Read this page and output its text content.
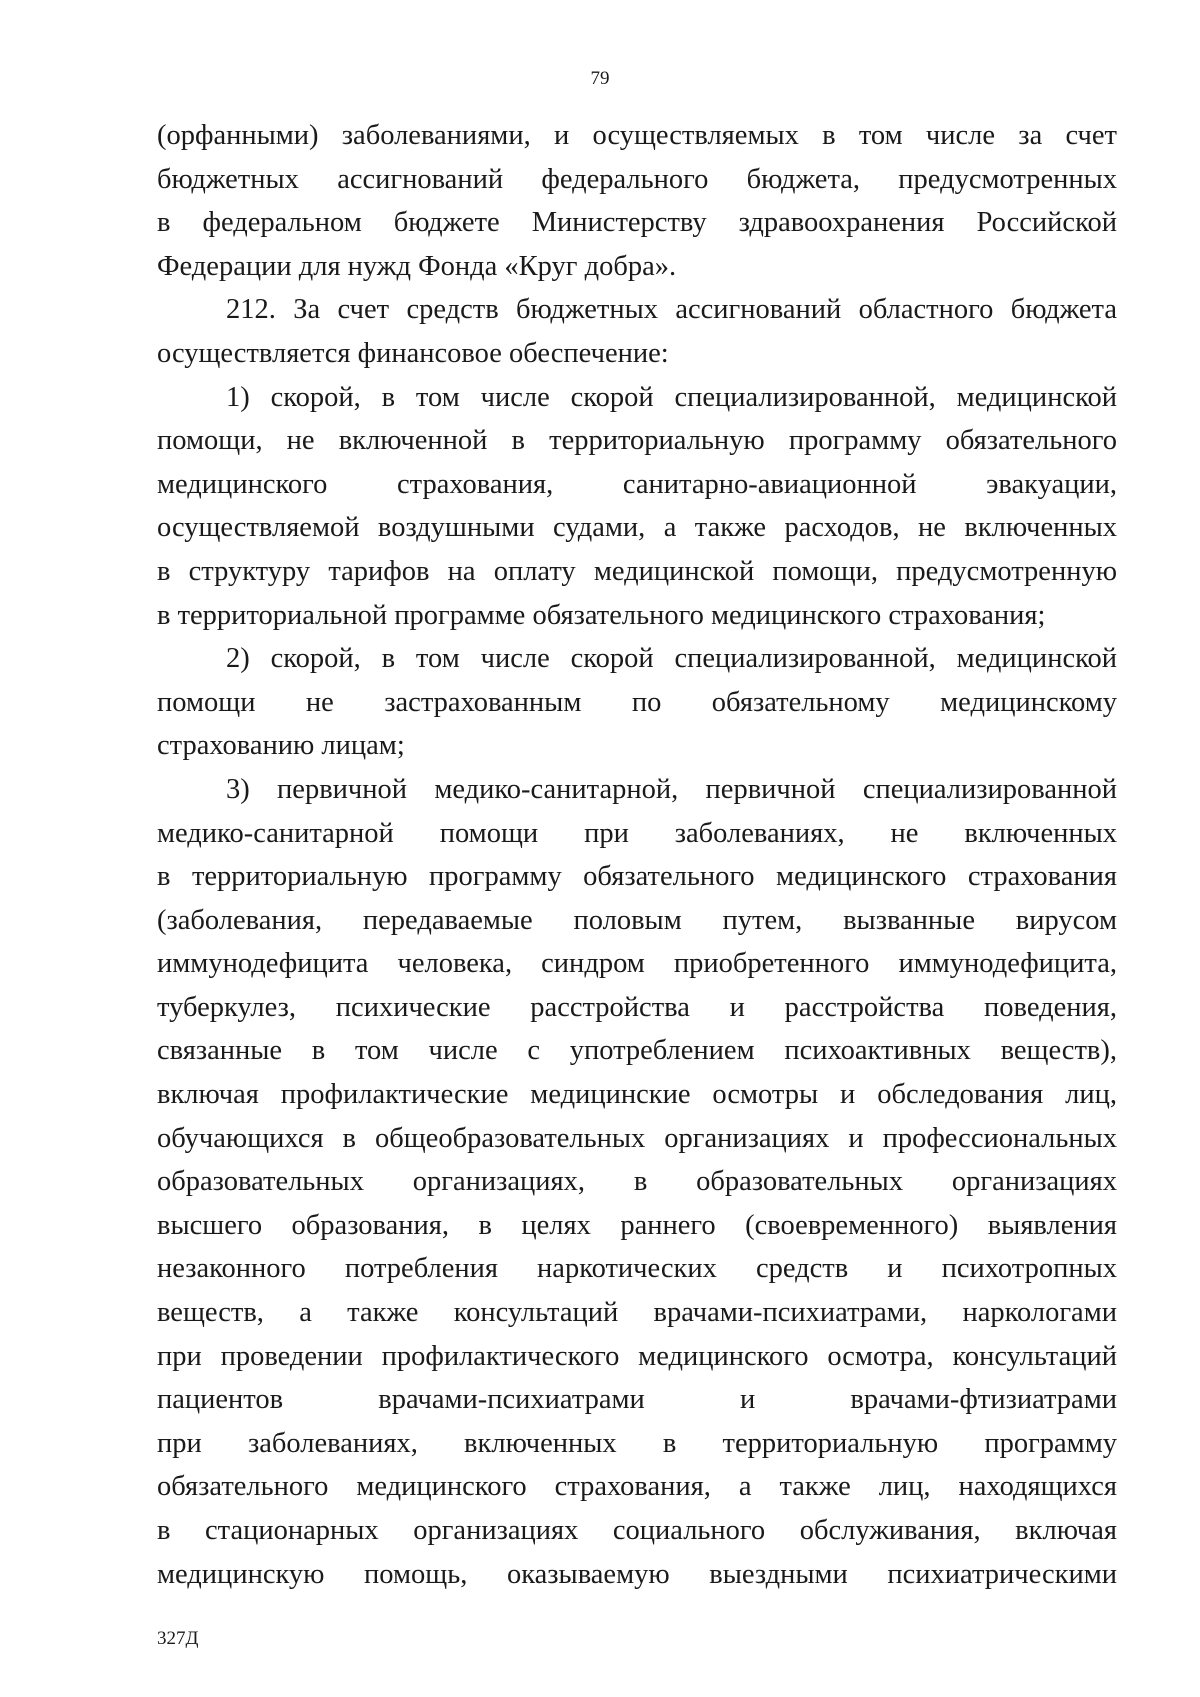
79
(орфанными) заболеваниями, и осуществляемых в том числе за счет
бюджетных ассигнований федерального бюджета, предусмотренных
в федеральном бюджете Министерству здравоохранения Российской
Федерации для нужд Фонда «Круг добра».
212. За счет средств бюджетных ассигнований областного бюджета
осуществляется финансовое обеспечение:
1) скорой, в том числе скорой специализированной, медицинской
помощи, не включенной в территориальную программу обязательного
медицинского страхования, санитарно-авиационной эвакуации,
осуществляемой воздушными судами, а также расходов, не включенных
в структуру тарифов на оплату медицинской помощи, предусмотренную
в территориальной программе обязательного медицинского страхования;
2) скорой, в том числе скорой специализированной, медицинской
помощи не застрахованным по обязательному медицинскому
страхованию лицам;
3) первичной медико-санитарной, первичной специализированной
медико-санитарной помощи при заболеваниях, не включенных
в территориальную программу обязательного медицинского страхования
(заболевания, передаваемые половым путем, вызванные вирусом
иммунодефицита человека, синдром приобретенного иммунодефицита,
туберкулез, психические расстройства и расстройства поведения,
связанные в том числе с употреблением психоактивных веществ),
включая профилактические медицинские осмотры и обследования лиц,
обучающихся в общеобразовательных организациях и профессиональных
образовательных организациях, в образовательных организациях
высшего образования, в целях раннего (своевременного) выявления
незаконного потребления наркотических средств и психотропных
веществ, а также консультаций врачами-психиатрами, наркологами
при проведении профилактического медицинского осмотра, консультаций
пациентов врачами-психиатрами и врачами-фтизиатрами
при заболеваниях, включенных в территориальную программу
обязательного медицинского страхования, а также лиц, находящихся
в стационарных организациях социального обслуживания, включая
медицинскую помощь, оказываемую выездными психиатрическими
327Д
